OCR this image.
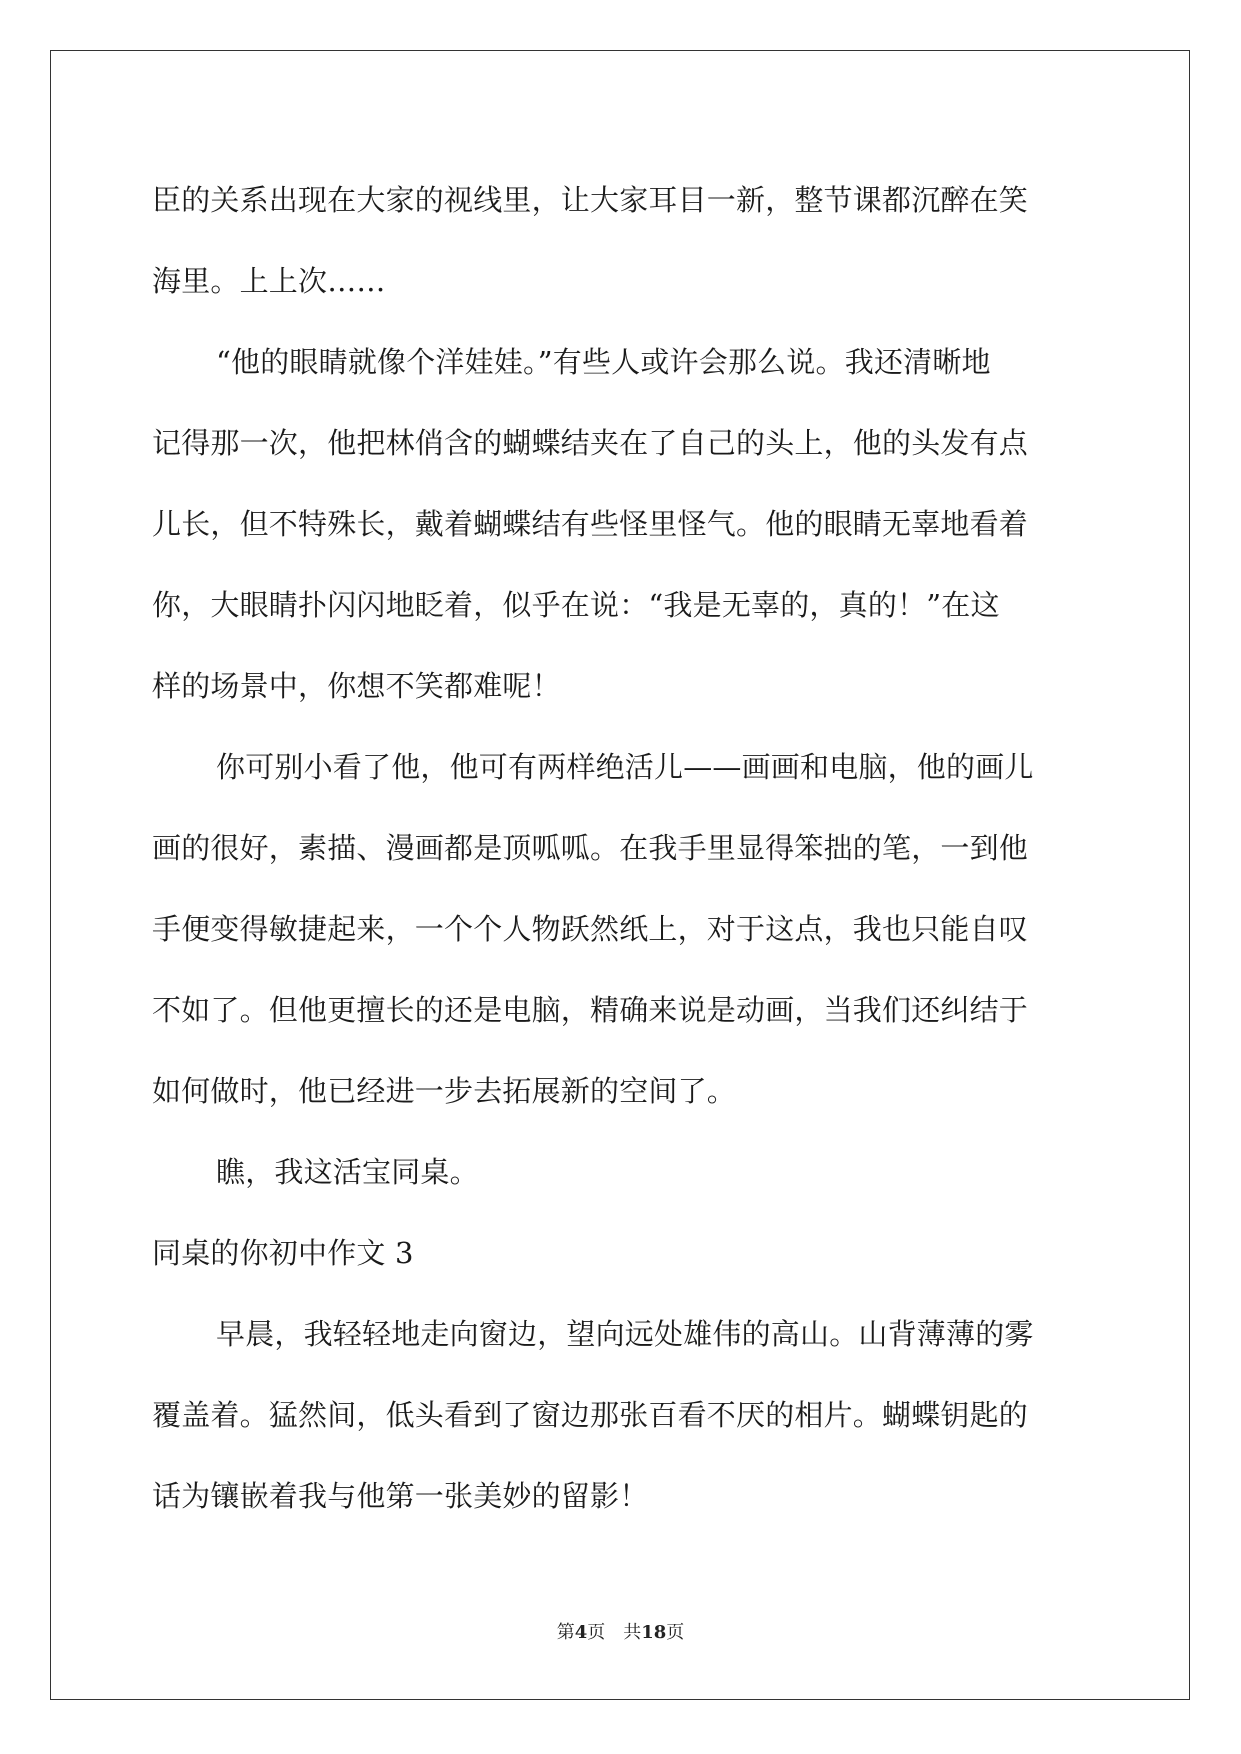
臣的关系出现在大家的视线里，让大家耳目一新，整节课都沉醉在笑
海里。上上次……
“他的眼睛就像个洋娃娃。”有些人或许会那么说。我还清晰地
记得那一次，他把林俏含的蝴蝶结夹在了自己的头上，他的头发有点
儿长，但不特殊长，戴着蝴蝶结有些怪里怪气。他的眼睛无辜地看着
你，大眼睛扑闪闪地眨着，似乎在说：“我是无辜的，真的！”在这
样的场景中，你想不笑都难呢！
你可别小看了他，他可有两样绝活儿——画画和电脑，他的画儿
画的很好，素描、漫画都是顶呱呱。在我手里显得笨拙的笔，一到他
手便变得敏捷起来，一个个人物跃然纸上，对于这点，我也只能自叹
不如了。但他更擅长的还是电脑，精确来说是动画，当我们还纠结于
如何做时，他已经进一步去拓展新的空间了。
瞧，我这活宝同桌。
同桌的你初中作文 3
早晨，我轻轻地走向窗边，望向远处雄伟的高山。山背薄薄的雾
覆盖着。猛然间，低头看到了窗边那张百看不厌的相片。蝴蝶钥匙的
话为镶嵌着我与他第一张美妙的留影！
第4页 共18页
